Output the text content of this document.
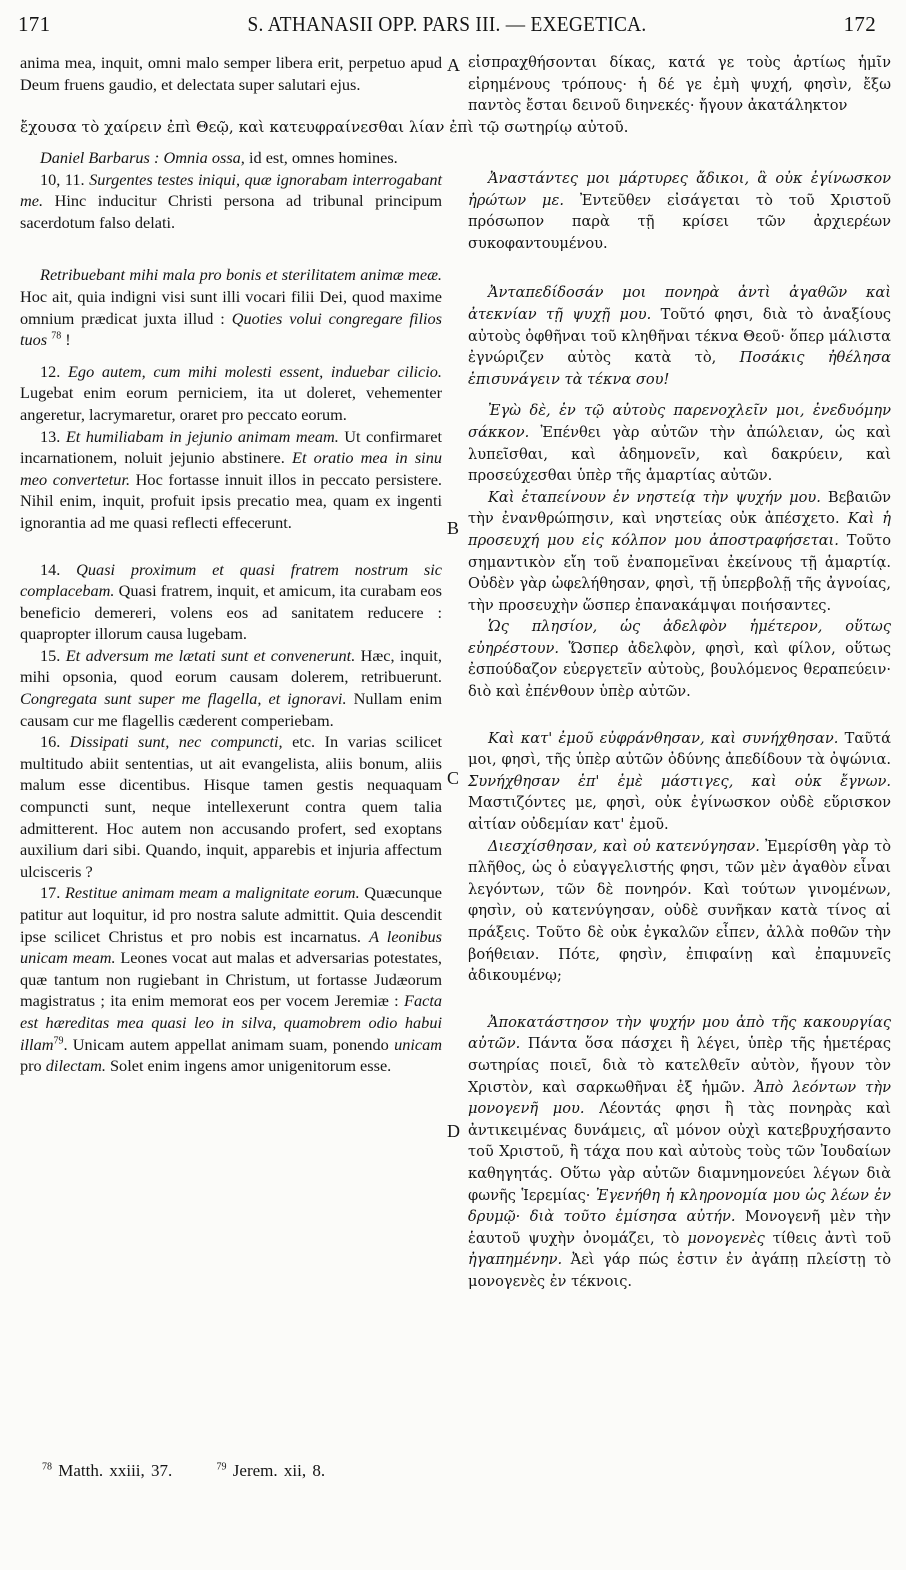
171	S. ATHANASII OPP. PARS III. — EXEGETICA.	172
A
B
C
D

anima mea, inquit, omni malo semper libera erit, perpetuo apud Deum fruens gaudio, et delectata super salutari ejus.

ἔχουσα τὸ χαίρειν ἐπὶ Θεῷ, καὶ κατευφραίνεσθαι λίαν ἐπὶ τῷ σωτηρίῳ αὐτοῦ.

Daniel Barbarus : Omnia ossa, id est, omnes homines.

10, 11. Surgentes testes iniqui, quæ ignorabam interrogabant me. Hinc inducitur Christi persona ad tribunal principum sacerdotum falso delati.

Retribuebant mihi mala pro bonis et sterilitatem animæ meæ. Hoc ait, quia indigni visi sunt illi vocari filii Dei, quod maxime omnium prædicat juxta illud : Quoties volui congregare filios tuos $^{78}$ !

12. Ego autem, cum mihi molesti essent, induebar cilicio. Lugebat enim eorum perniciem, ita ut doleret, vehementer angeretur, lacrymaretur, oraret pro peccato eorum.

13. Et humiliabam in jejunio animam meam. Ut confirmaret incarnationem, noluit jejunio abstinere. Et oratio mea in sinu meo convertetur. Hoc fortasse innuit illos in peccato persistere. Nihil enim, inquit, profuit ipsis precatio mea, quam ex ingenti ignorantia ad me quasi reflecti effecerunt.

14. Quasi proximum et quasi fratrem nostrum sic complacebam. Quasi fratrem, inquit, et amicum, ita curabam eos beneficio demereri, volens eos ad sanitatem reducere : quapropter illorum causa lugebam.

15. Et adversum me lætati sunt et convenerunt. Hæc, inquit, mihi opsonia, quod eorum causam dolerem, retribuerunt. Congregata sunt super me flagella, et ignoravi. Nullam enim causam cur me flagellis cæderent comperiebam.

16. Dissipati sunt, nec compuncti, etc. In varias scilicet multitudo abiit sententias, ut ait evangelista, aliis bonum, aliis malum esse dicentibus. Hisque tamen gestis nequaquam compuncti sunt, neque intellexerunt contra quem talia admitterent. Hoc autem non accusando profert, sed exoptans auxilium dari sibi. Quando, inquit, apparebis et injuria affectum ulcisceris ?

17. Restitue animam meam a malignitate eorum. Quæcunque patitur aut loquitur, id pro nostra salute admittit. Quia descendit ipse scilicet Christus et pro nobis est incarnatus. A leonibus unicam meam. Leones vocat aut malas et adversarias potestates, quæ tantum non rugiebant in Christum, ut fortasse Judæorum magistratus ; ita enim memorat eos per vocem Jeremiæ : Facta est hæreditas mea quasi leo in silva, quamobrem odio habui illam$^{79}$. Unicam autem appellat animam suam, ponendo unicam pro dilectam. Solet enim ingens amor unigenitorum esse.

εἰσπραχθήσονται δίκας, κατά γε τοὺς ἀρτίως ἡμῖν εἰρημένους τρόπους· ἡ δέ γε ἐμὴ ψυχή, φησὶν, ἔξω παντὸς ἔσται δεινοῦ διηνεκές· ἤγουν ἀκατάληκτον

Ἀναστάντες μοι μάρτυρες ἄδικοι, ἃ οὐκ ἐγίνωσκον ἠρώτων με. Ἐντεῦθεν εἰσάγεται τὸ τοῦ Χριστοῦ πρόσωπον παρὰ τῇ κρίσει τῶν ἀρχιερέων συκοφαντουμένου.

Ἀνταπεδίδοσάν μοι πονηρὰ ἀντὶ ἀγαθῶν καὶ ἀτεκνίαν τῇ ψυχῇ μου. Τοῦτό φησι, διὰ τὸ ἀναξίους αὐτοὺς ὀφθῆναι τοῦ κληθῆναι τέκνα Θεοῦ· ὅπερ μάλιστα ἐγνώριζεν αὐτὸς κατὰ τὸ, Ποσάκις ἠθέλησα ἐπισυνάγειν τὰ τέκνα σου!

Ἐγὼ δὲ, ἐν τῷ αὐτοὺς παρενοχλεῖν μοι, ἐνεδυόμην σάκκον. Ἐπένθει γὰρ αὐτῶν τὴν ἀπώλειαν, ὡς καὶ λυπεῖσθαι, καὶ ἀδημονεῖν, καὶ δακρύειν, καὶ προσεύχεσθαι ὑπὲρ τῆς ἁμαρτίας αὐτῶν.

Καὶ ἐταπείνουν ἐν νηστείᾳ τὴν ψυχήν μου. Βεβαιῶν τὴν ἐνανθρώπησιν, καὶ νηστείας οὐκ ἀπέσχετο. Καὶ ἡ προσευχή μου εἰς κόλπον μου ἀποστραφήσεται. Τοῦτο σημαντικὸν εἴη τοῦ ἐναπομεῖναι ἐκείνους τῇ ἁμαρτίᾳ. Οὐδὲν γὰρ ὠφελήθησαν, φησὶ, τῇ ὑπερβολῇ τῆς ἀγνοίας, τὴν προσευχὴν ὥσπερ ἐπανακάμψαι ποιήσαντες.

Ὡς πλησίον, ὡς ἀδελφὸν ἡμέτερον, οὕτως εὐηρέστουν. Ὥσπερ ἀδελφὸν, φησὶ, καὶ φίλον, οὕτως ἐσπούδαζον εὐεργετεῖν αὐτοὺς, βουλόμενος θεραπεύειν· διὸ καὶ ἐπένθουν ὑπὲρ αὐτῶν.

Καὶ κατ' ἐμοῦ εὐφράνθησαν, καὶ συνήχθησαν. Ταῦτά μοι, φησὶ, τῆς ὑπὲρ αὐτῶν ὀδύνης ἀπεδίδουν τὰ ὀψώνια. Συνήχθησαν ἐπ' ἐμὲ μάστιγες, καὶ οὐκ ἔγνων. Μαστιζόντες με, φησὶ, οὐκ ἐγίνωσκον οὐδὲ εὕρισκον αἰτίαν οὐδεμίαν κατ' ἐμοῦ.

Διεσχίσθησαν, καὶ οὐ κατενύγησαν. Ἐμερίσθη γὰρ τὸ πλῆθος, ὡς ὁ εὐαγγελιστής φησι, τῶν μὲν ἀγαθὸν εἶναι λεγόντων, τῶν δὲ πονηρόν. Καὶ τούτων γινομένων, φησὶν, οὐ κατενύγησαν, οὐδὲ συνῆκαν κατὰ τίνος αἱ πράξεις. Τοῦτο δὲ οὐκ ἐγκαλῶν εἶπεν, ἀλλὰ ποθῶν τὴν βοήθειαν. Πότε, φησὶν, ἐπιφαίνῃ καὶ ἐπαμυνεῖς ἀδικουμένῳ;

Ἀποκατάστησον τὴν ψυχήν μου ἀπὸ τῆς κακουργίας αὐτῶν. Πάντα ὅσα πάσχει ἢ λέγει, ὑπὲρ τῆς ἡμετέρας σωτηρίας ποιεῖ, διὰ τὸ κατελθεῖν αὐτὸν, ἤγουν τὸν Χριστὸν, καὶ σαρκωθῆναι ἐξ ἡμῶν. Ἀπὸ λεόντων τὴν μονογενῆ μου. Λέοντάς φησι ἢ τὰς πονηρὰς καὶ ἀντικειμένας δυνάμεις, αἳ μόνον οὐχὶ κατεβρυχήσαντο τοῦ Χριστοῦ, ἢ τάχα που καὶ αὐτοὺς τοὺς τῶν Ἰουδαίων καθηγητάς. Οὕτω γὰρ αὐτῶν διαμνημονεύει λέγων διὰ φωνῆς Ἱερεμίας· Ἐγενήθη ἡ κληρονομία μου ὡς λέων ἐν δρυμῷ· διὰ τοῦτο ἐμίσησα αὐτήν. Μονογενῆ μὲν τὴν ἑαυτοῦ ψυχὴν ὀνομάζει, τὸ μονογενὲς τίθεις ἀντὶ τοῦ ἠγαπημένην. Ἀεὶ γάρ πώς ἐστιν ἐν ἀγάπῃ πλείστῃ τὸ μονογενὲς ἐν τέκνοις.

$^{78}$ Matth. xxiii, 37.	$^{79}$ Jerem. xii, 8.
